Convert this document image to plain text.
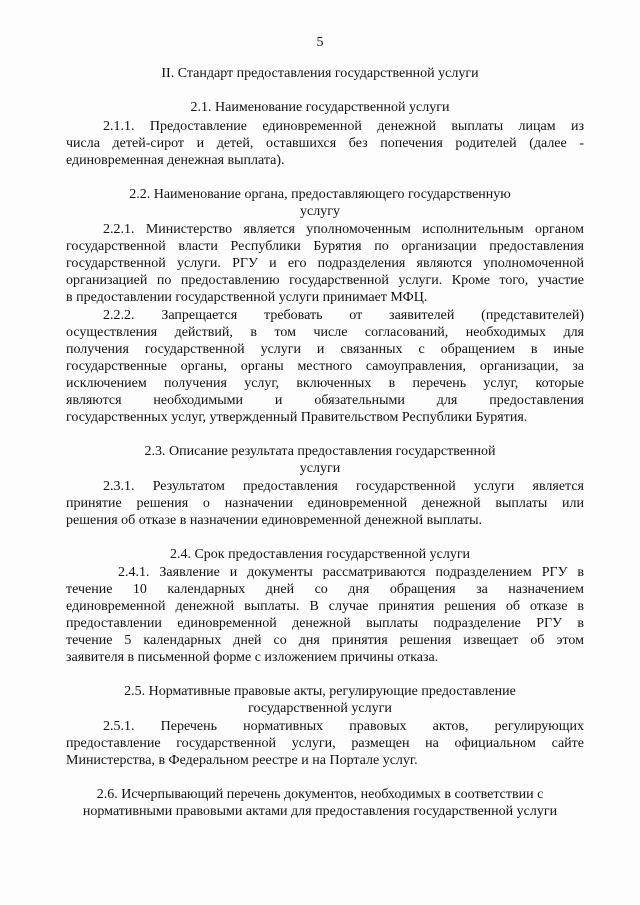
5
II. Стандарт предоставления государственной услуги
2.1. Наименование государственной услуги
2.1.1. Предоставление единовременной денежной выплаты лицам из
числа детей-сирот и детей, оставшихся без попечения родителей (далее -
единовременная денежная выплата).
2.2. Наименование органа, предоставляющего государственную
услугу
2.2.1. Министерство является уполномоченным исполнительным органом
государственной власти Республики Бурятия по организации предоставления
государственной услуги. РГУ и его подразделения являются уполномоченной
организацией по предоставлению государственной услуги. Кроме того, участие
в предоставлении государственной услуги принимает МФЦ.
2.2.2. Запрещается требовать от заявителей (представителей)
осуществления действий, в том числе согласований, необходимых для
получения государственной услуги и связанных с обращением в иные
государственные органы, органы местного самоуправления, организации, за
исключением получения услуг, включенных в перечень услуг, которые
являются необходимыми и обязательными для предоставления
государственных услуг, утвержденный Правительством Республики Бурятия.
2.3. Описание результата предоставления государственной
услуги
2.3.1. Результатом предоставления государственной услуги является
принятие решения о назначении единовременной денежной выплаты или
решения об отказе в назначении единовременной денежной выплаты.
2.4. Срок предоставления государственной услуги
2.4.1. Заявление и документы рассматриваются подразделением РГУ в
течение 10 календарных дней со дня обращения за назначением
единовременной денежной выплаты. В случае принятия решения об отказе в
предоставлении единовременной денежной выплаты подразделение РГУ в
течение 5 календарных дней со дня принятия решения извещает об этом
заявителя в письменной форме с изложением причины отказа.
2.5. Нормативные правовые акты, регулирующие предоставление
государственной услуги
2.5.1. Перечень нормативных правовых актов, регулирующих
предоставление государственной услуги, размещен на официальном сайте
Министерства, в Федеральном реестре и на Портале услуг.
2.6. Исчерпывающий перечень документов, необходимых в соответствии с
нормативными правовыми актами для предоставления государственной услуги
